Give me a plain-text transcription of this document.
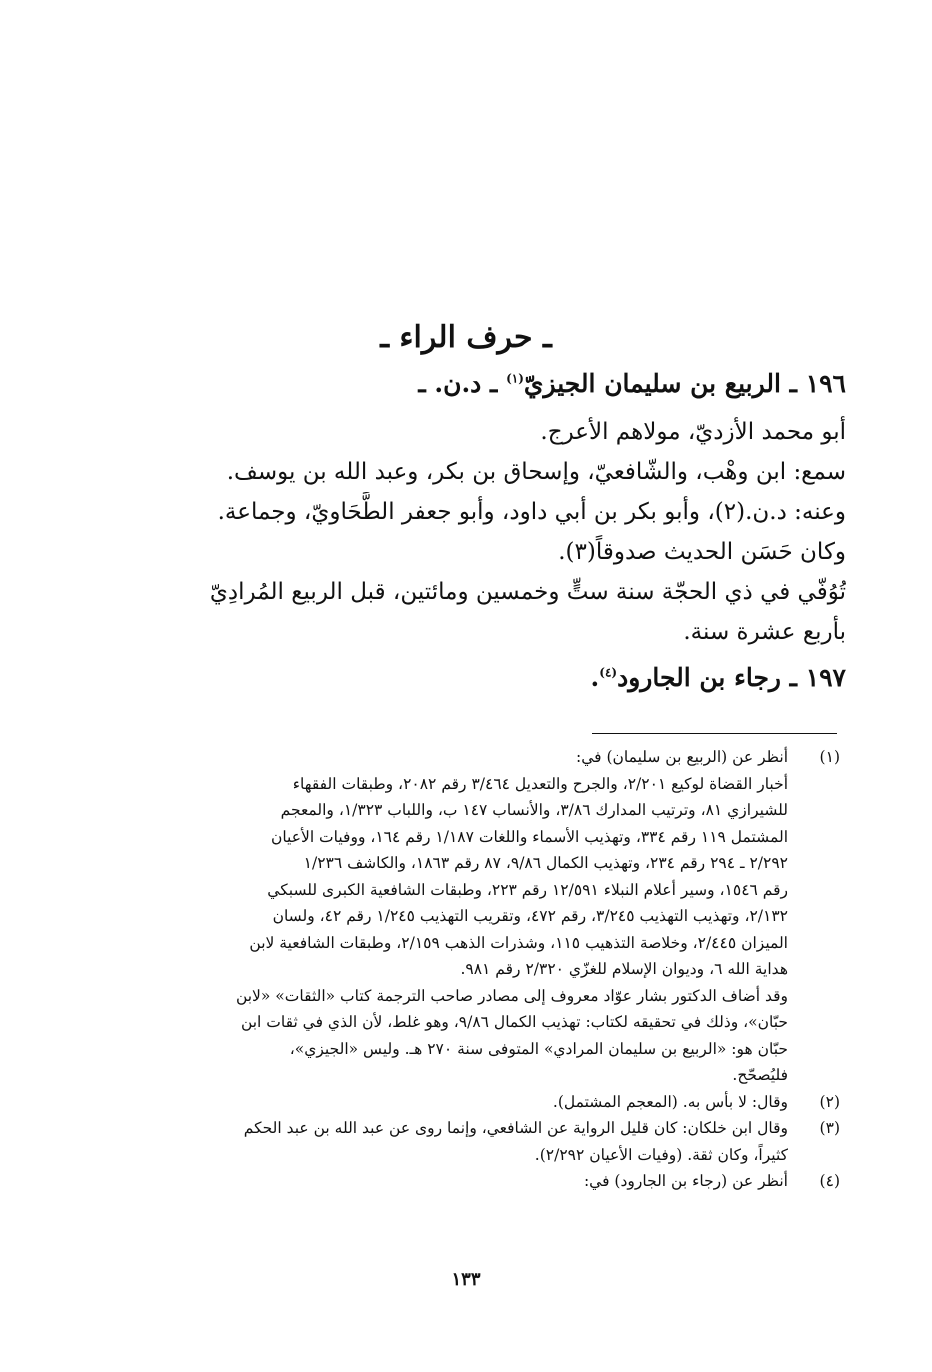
ـ حرف الراء ـ

١٩٦ ـ الربيع بن سليمان الجيزيّ$^{(١)}$ ـ د.ن. ـ

أبو محمد الأزديّ، مولاهم الأعرج.

سمع: ابن وهْب، والشّافعيّ، وإسحاق بن بكر، وعبد الله بن يوسف.

وعنه: د.ن.(٢)، وأبو بكر بن أبي داود، وأبو جعفر الطَّحَاويّ، وجماعة.

وكان حَسَن الحديث صدوقاً(٣).

تُوُفّي في ذي الحجّة سنة ستٍّ وخمسين ومائتين، قبل الربيع المُرادِيّ

بأربع عشرة سنة.

١٩٧ ـ رجاء بن الجارود$^{(٤)}$.

(١)
أنظر عن (الربيع بن سليمان) في:
أخبار القضاة لوكيع ٢/٢٠١، والجرح والتعديل ٣/٤٦٤ رقم ٢٠٨٢، وطبقات الفقهاء
للشيرازي ٨١، وترتيب المدارك ٣/٨٦، والأنساب ١٤٧ ب، واللباب ١/٣٢٣، والمعجم
المشتمل ١١٩ رقم ٣٣٤، وتهذيب الأسماء واللغات ١/١٨٧ رقم ١٦٤، ووفيات الأعيان
٢/٢٩٢ ـ ٢٩٤ رقم ٢٣٤، وتهذيب الكمال ٩/٨٦، ٨٧ رقم ١٨٦٣، والكاشف ١/٢٣٦
رقم ١٥٤٦، وسير أعلام النبلاء ١٢/٥٩١ رقم ٢٢٣، وطبقات الشافعية الكبرى للسبكي
٢/١٣٢، وتهذيب التهذيب ٣/٢٤٥، رقم ٤٧٢، وتقريب التهذيب ١/٢٤٥ رقم ٤٢، ولسان
الميزان ٢/٤٤٥، وخلاصة التذهيب ١١٥، وشذرات الذهب ٢/١٥٩، وطبقات الشافعية لابن
هداية الله ٦، وديوان الإسلام للغزّي ٢/٣٢٠ رقم ٩٨١.
وقد أضاف الدكتور بشار عوّاد معروف إلى مصادر صاحب الترجمة كتاب «الثقات» «لابن
حبّان»، وذلك في تحقيقه لكتاب: تهذيب الكمال ٩/٨٦، وهو غلط، لأن الذي في ثقات ابن
حبّان هو: «الربيع بن سليمان المرادي» المتوفى سنة ٢٧٠ هـ. وليس «الجيزي»،
فليُصحّح.
(٢)
وقال: لا بأس به. (المعجم المشتمل).
(٣)
وقال ابن خلكان: كان قليل الرواية عن الشافعي، وإنما روى عن عبد الله بن عبد الحكم
كثيراً، وكان ثقة. (وفيات الأعيان ٢/٢٩٢).
(٤)
أنظر عن (رجاء بن الجارود) في:
١٣٣
